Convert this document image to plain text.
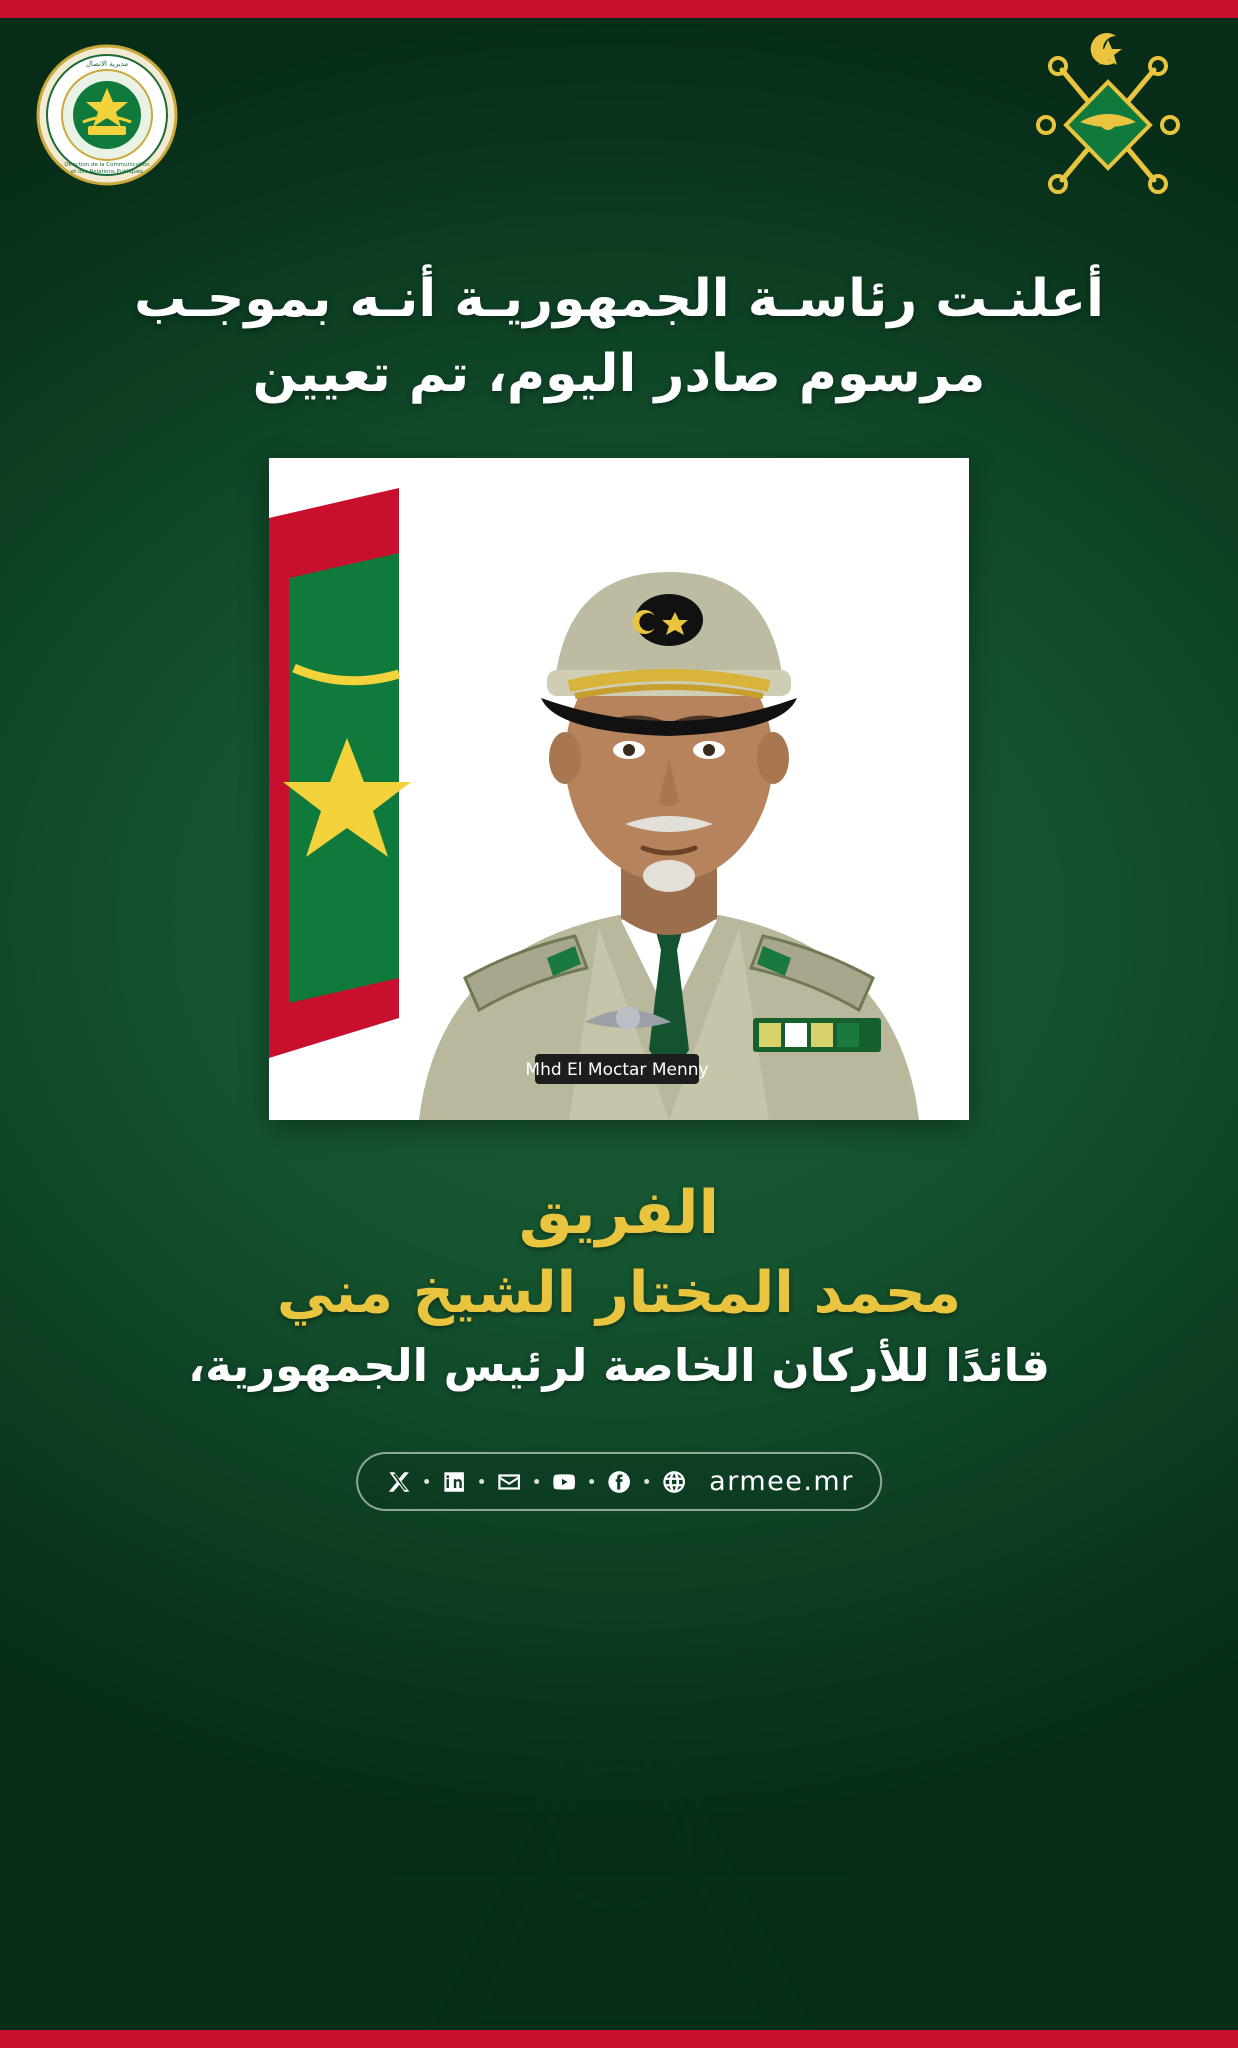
Direction de la Communication
et des Relations Publiques
مديرية الاتصال
أعلنـت رئاسـة الجمهوريـة أنـه بموجـب
مرسوم صادر اليوم، تم تعيين
Mhd El Moctar Menny
الفريق
محمد المختار الشيخ مني
قائدًا للأركان الخاصة لرئيس الجمهورية،
armee.mr
